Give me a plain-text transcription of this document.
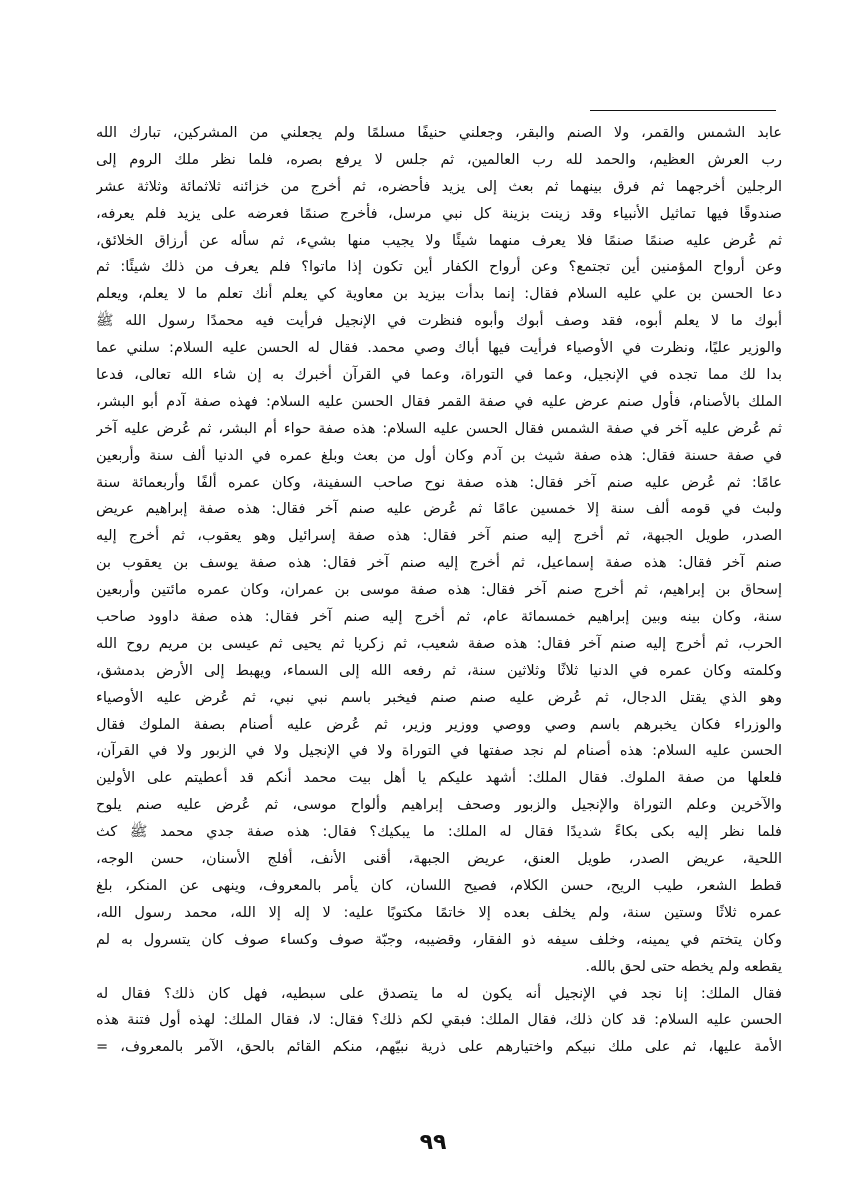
عابد الشمس والقمر، ولا الصنم والبقر، وجعلني حنيفًا مسلمًا ولم يجعلني من المشركين، تبارك الله
رب العرش العظيم، والحمد لله رب العالمين، ثم جلس لا يرفع بصره، فلما نظر ملك الروم إلى
الرجلين أخرجهما ثم فرق بينهما ثم بعث إلى يزيد فأحضره، ثم أخرج من خزائنه ثلاثمائة وثلاثة عشر
صندوقًا فيها تماثيل الأنبياء وقد زينت بزينة كل نبي مرسل، فأخرج صنمًا فعرضه على يزيد فلم يعرفه،
ثم عُرض عليه صنمًا صنمًا فلا يعرف منهما شيئًا ولا يجيب منها بشيء، ثم سأله عن أرزاق الخلائق،
وعن أرواح المؤمنين أين تجتمع؟ وعن أرواح الكفار أين تكون إذا ماتوا؟ فلم يعرف من ذلك شيئًا: ثم
دعا الحسن بن علي عليه السلام فقال: إنما بدأت بيزيد بن معاوية كي يعلم أنك تعلم ما لا يعلم، ويعلم
أبوك ما لا يعلم أبوه، فقد وصف أبوك وأبوه فنظرت في الإنجيل فرأيت فيه محمدًا رسول الله ﷺ
والوزير عليًا، ونظرت في الأوصياء فرأيت فيها أباك وصي محمد. فقال له الحسن عليه السلام: سلني عما
بدا لك مما تجده في الإنجيل، وعما في التوراة، وعما في القرآن أخبرك به إن شاء الله تعالى، فدعا
الملك بالأصنام، فأول صنم عرض عليه في صفة القمر فقال الحسن عليه السلام: فهذه صفة آدم أبو البشر،
ثم عُرض عليه آخر في صفة الشمس فقال الحسن عليه السلام: هذه صفة حواء أم البشر، ثم عُرض عليه آخر
في صفة حسنة فقال: هذه صفة شيث بن آدم وكان أول من بعث وبلغ عمره في الدنيا ألف سنة وأربعين
عامًا: ثم عُرض عليه صنم آخر فقال: هذه صفة نوح صاحب السفينة، وكان عمره ألفًا وأربعمائة سنة
ولبث في قومه ألف سنة إلا خمسين عامًا ثم عُرض عليه صنم آخر فقال: هذه صفة إبراهيم عريض
الصدر، طويل الجبهة، ثم أخرج إليه صنم آخر فقال: هذه صفة إسرائيل وهو يعقوب، ثم أخرج إليه
صنم آخر فقال: هذه صفة إسماعيل، ثم أخرج إليه صنم آخر فقال: هذه صفة يوسف بن يعقوب بن
إسحاق بن إبراهيم، ثم أخرج صنم آخر فقال: هذه صفة موسى بن عمران، وكان عمره مائتين وأربعين
سنة، وكان بينه وبين إبراهيم خمسمائة عام، ثم أخرج إليه صنم آخر فقال: هذه صفة داوود صاحب
الحرب، ثم أخرج إليه صنم آخر فقال: هذه صفة شعيب، ثم زكريا ثم يحيى ثم عيسى بن مريم روح الله
وكلمته وكان عمره في الدنيا ثلاثًا وثلاثين سنة، ثم رفعه الله إلى السماء، ويهبط إلى الأرض بدمشق،
وهو الذي يقتل الدجال، ثم عُرض عليه صنم صنم فيخبر باسم نبي نبي، ثم عُرض عليه الأوصياء
والوزراء فكان يخبرهم باسم وصي ووصي ووزير وزير، ثم عُرض عليه أصنام بصفة الملوك فقال
الحسن عليه السلام: هذه أصنام لم نجد صفتها في التوراة ولا في الإنجيل ولا في الزبور ولا في القرآن،
فلعلها من صفة الملوك. فقال الملك: أشهد عليكم يا أهل بيت محمد أنكم قد أعطيتم على الأولين
والآخرين وعلم التوراة والإنجيل والزبور وصحف إبراهيم وألواح موسى، ثم عُرض عليه صنم يلوح
فلما نظر إليه بكى بكاءً شديدًا فقال له الملك: ما يبكيك؟ فقال: هذه صفة جدي محمد ﷺ كث
اللحية، عريض الصدر، طويل العنق، عريض الجبهة، أقنى الأنف، أفلج الأسنان، حسن الوجه،
قطط الشعر، طيب الريح، حسن الكلام، فصيح اللسان، كان يأمر بالمعروف، وينهى عن المنكر، بلغ
عمره ثلاثًا وستين سنة، ولم يخلف بعده إلا خاتمًا مكتوبًا عليه: لا إله إلا الله، محمد رسول الله،
وكان يتختم في يمينه، وخلف سيفه ذو الفقار، وقضيبه، وجبّة صوف وكساء صوف كان يتسرول به لم
يقطعه ولم يخطه حتى لحق بالله.
فقال الملك: إنا نجد في الإنجيل أنه يكون له ما يتصدق على سبطيه، فهل كان ذلك؟ فقال له
الحسن عليه السلام: قد كان ذلك، فقال الملك: فبقي لكم ذلك؟ فقال: لا، فقال الملك: لهذه أول فتنة هذه
الأمة عليها، ثم على ملك نبيكم واختيارهم على ذرية نبيّهم، منكم القائم بالحق، الآمر بالمعروف، =
٩٩
